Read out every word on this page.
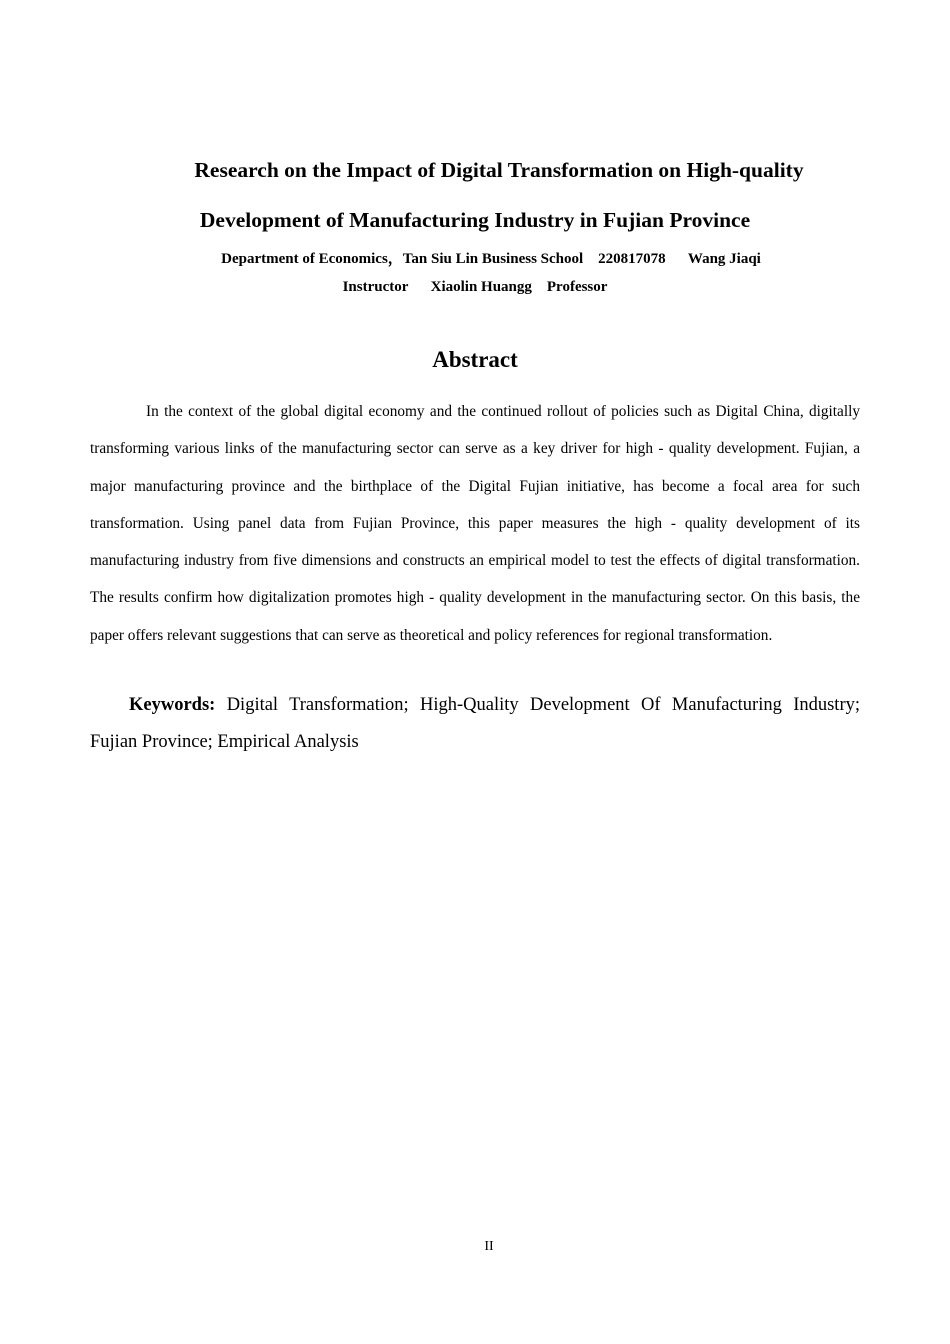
Research on the Impact of Digital Transformation on High-quality
Development of Manufacturing Industry in Fujian Province
Department of Economics，Tan Siu Lin Business School    220817078      Wang Jiaqi
Instructor      Xiaolin Huangg    Professor
Abstract

In the context of the global digital economy and the continued rollout of policies such as Digital China, digitally transforming various links of the manufacturing sector can serve as a key driver for high - quality development. Fujian, a major manufacturing province and the birthplace of the Digital Fujian initiative, has become a focal area for such transformation. Using panel data from Fujian Province, this paper measures the high - quality development of its manufacturing industry from five dimensions and constructs an empirical model to test the effects of digital transformation. The results confirm how digitalization promotes high - quality development in the manufacturing sector. On this basis, the paper offers relevant suggestions that can serve as theoretical and policy references for regional transformation.

Keywords: Digital Transformation; High-Quality Development Of Manufacturing Industry; Fujian Province; Empirical Analysis

II
